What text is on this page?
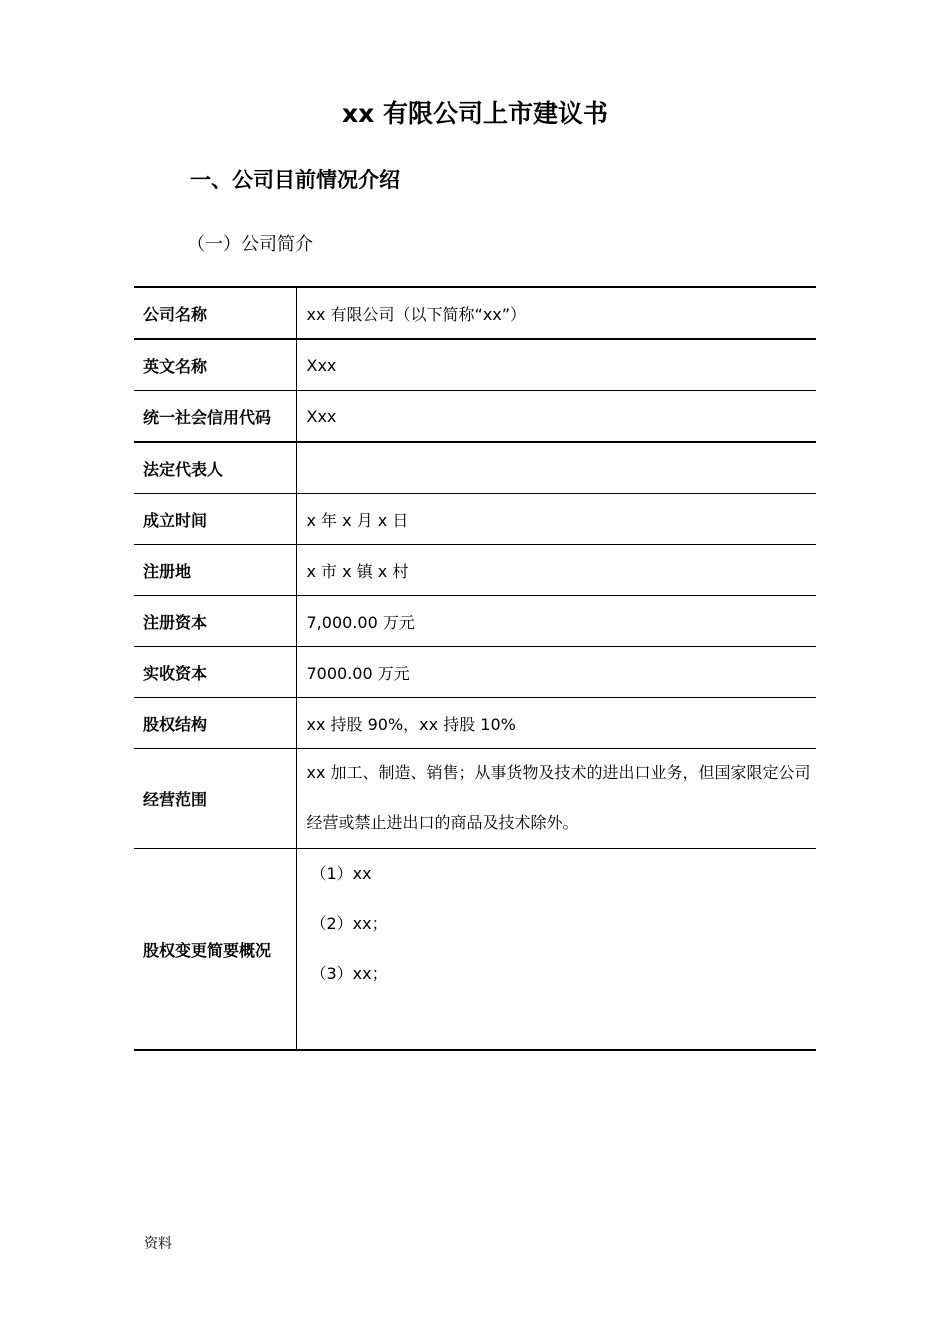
xx 有限公司上市建议书
一、公司目前情况介绍
（一）公司简介
公司名称	xx 有限公司（以下简称“xx”）
英文名称	Xxx
统一社会信用代码	Xxx
法定代表人	
成立时间	x 年 x 月 x 日
注册地	x 市 x 镇 x 村
注册资本	7,000.00 万元
实收资本	7000.00 万元
股权结构	xx 持股 90%，xx 持股 10%
经营范围	xx 加工、制造、销售；从事货物及技术的进出口业务，但国家限定公司经营或禁止进出口的商品及技术除外。

股权变更简要概况	（1）xx
（2）xx；
（3）xx；
资料
